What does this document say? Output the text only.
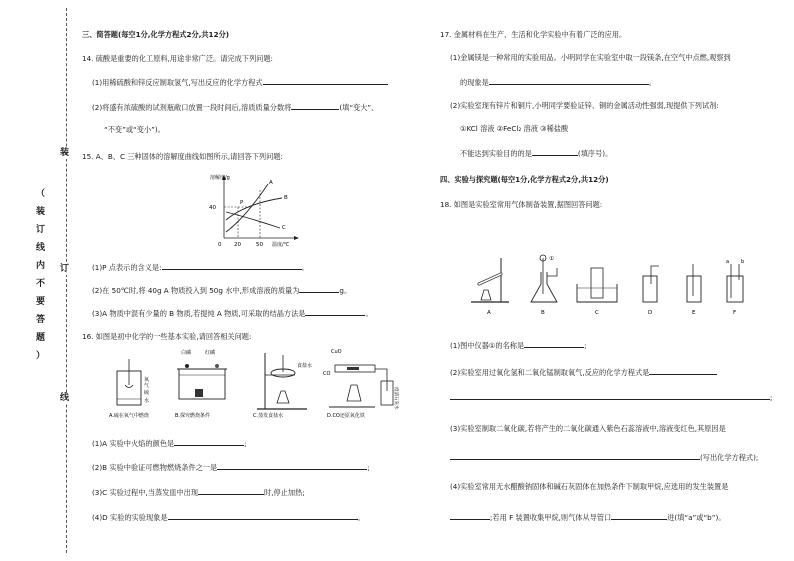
装
订
线
（
装
订
线
内
不
要
答
题
）
三、简答题(每空1分,化学方程式2分,共12分)
14. 硫酸是重要的化工原料,用途非常广泛。请完成下列问题:
(1)用稀硫酸和锌反应制取氢气,写出反应的化学方程式
(2)将盛有浓硫酸的试剂瓶敞口放置一段时间后,溶质质量分数将	(填“变大”、
“不变”或“变小”)。
15. A、B、C 三种固体的溶解度曲线如图所示,请回答下列问题:
溶解度/g
40
0 20	50 温度/℃
A
B
C
P
(1)P 点表示的含义是:	。
(2)在 50℃时,将 40g A 物质投入到 50g 水中,形成溶液的质量为	g。
(3)A 物质中混有少量的 B 物质,若提纯 A 物质,可采取的结晶方法是	。
16. 如图是初中化学的一些基本实验,请回答相关问题:
氧
气
硫
水
白磷	红磷
食盐水
CuO
CO
澄清石灰水
A.硫在氧气中燃烧	B.探究燃烧条件	C.蒸发食盐水	D.CO还原氧化铁
(1)A 实验中火焰的颜色是	;
(2)B 实验中验证可燃物燃烧条件之一是	;
(3)C 实验过程中,当蒸发皿中出现	时,停止加热;
(4)D 实验的实验现象是	。
17. 金属材料在生产、生活和化学实验中有着广泛的应用。
(1)金属镁是一种常用的实验用品。小明同学在实验室中取一段镁条,在空气中点燃,观察到
的现象是	。
(2)实验室现有锌片和铜片,小明同学要验证锌、铜的金属活动性强弱,现提供下列试剂:
①KCl 溶液 ②FeCl₂ 溶液 ③稀盐酸
不能达到实验目的的是	(填序号)。
四、实验与探究题(每空1分,化学方程式2分,共12分)
18. 如图是实验室常用气体制备装置,据图回答问题:
①	a b
A	B	C	D	E	F
(1)图中仪器①的名称是	;
(2)实验室用过氧化氢和二氧化锰制取氧气,反应的化学方程式是
;
(3)实验室制取二氧化碳,若将产生的二氧化碳通入紫色石蕊溶液中,溶液变红色,其原因是
(写出化学方程式);
(4)实验室常用无水醋酸钠固体和碱石灰固体在加热条件下制取甲烷,应选用的发生装置是
;若用 F 装置收集甲烷,则气体从导管口	进(填“a”或“b”)。
